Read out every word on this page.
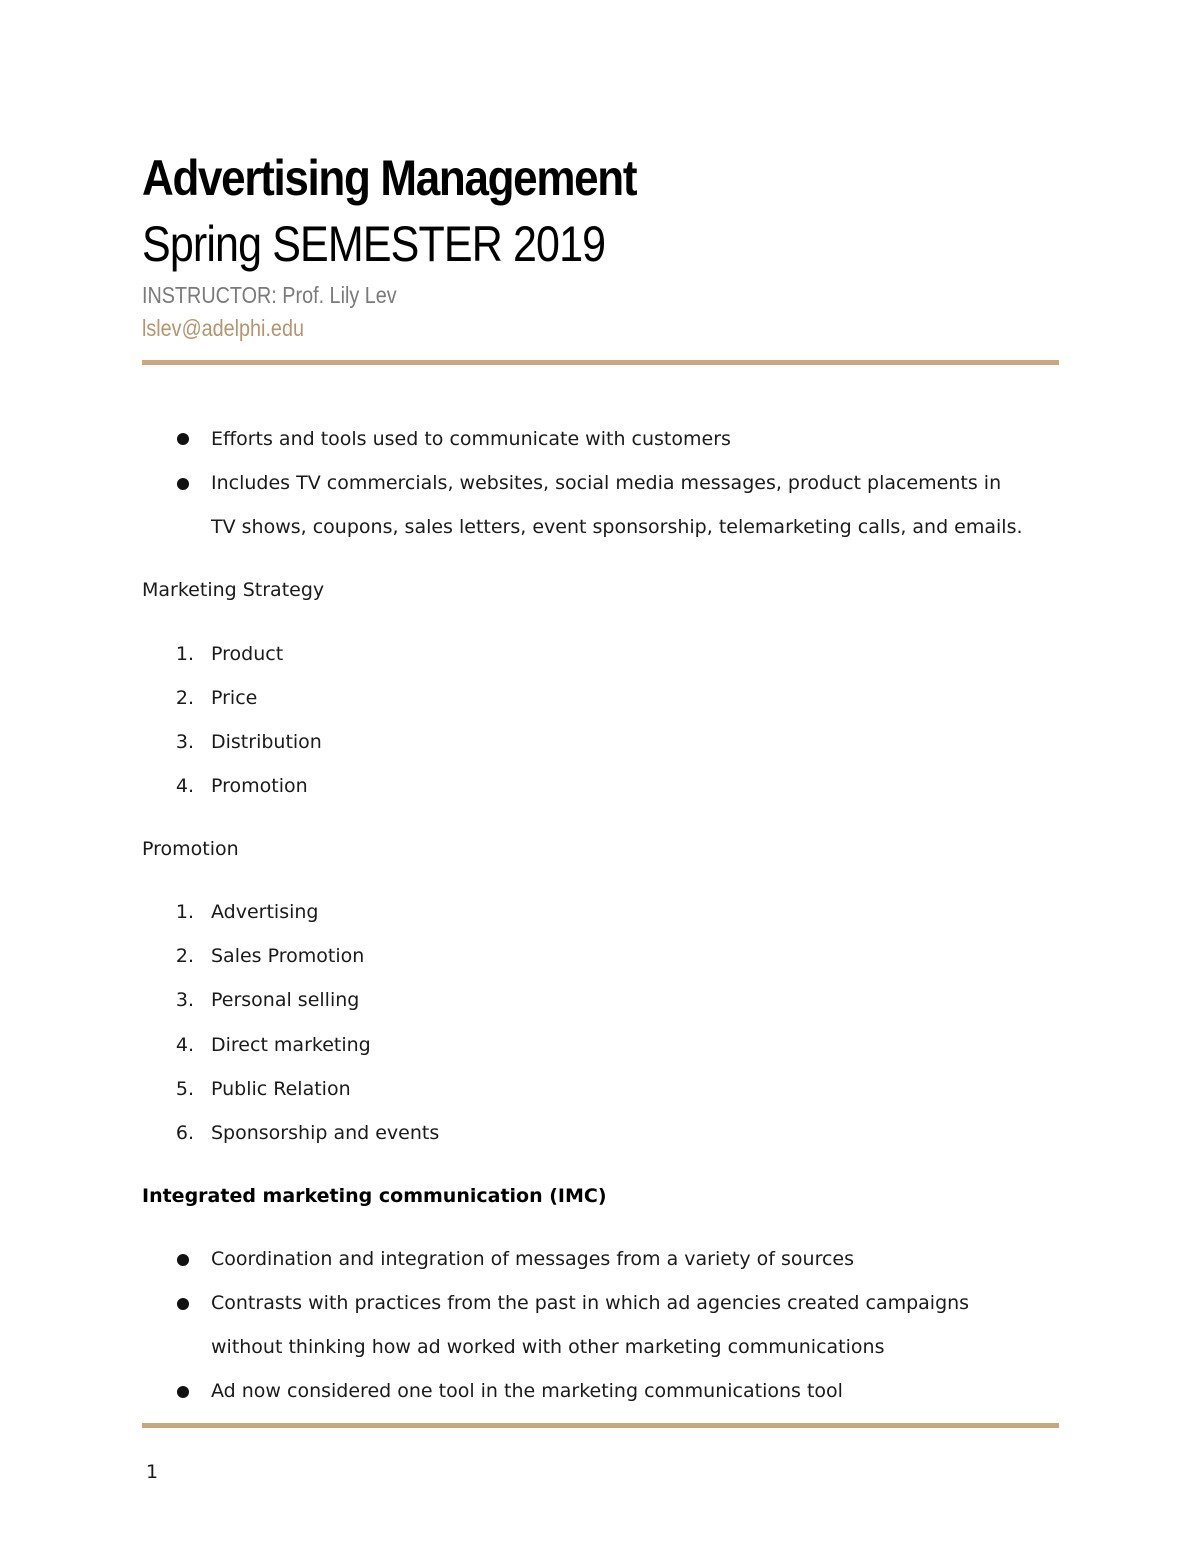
Advertising Management
Spring SEMESTER 2019
INSTRUCTOR: Prof. Lily Lev
lslev@adelphi.edu
Efforts and tools used to communicate with customers
Includes TV commercials, websites, social media messages, product placements in
TV shows, coupons, sales letters, event sponsorship, telemarketing calls, and emails.
Marketing Strategy
1. Product
2. Price
3. Distribution
4. Promotion
Promotion
1. Advertising
2. Sales Promotion
3. Personal selling
4. Direct marketing
5. Public Relation
6. Sponsorship and events
Integrated marketing communication (IMC)
Coordination and integration of messages from a variety of sources
Contrasts with practices from the past in which ad agencies created campaigns
without thinking how ad worked with other marketing communications
Ad now considered one tool in the marketing communications tool
1
